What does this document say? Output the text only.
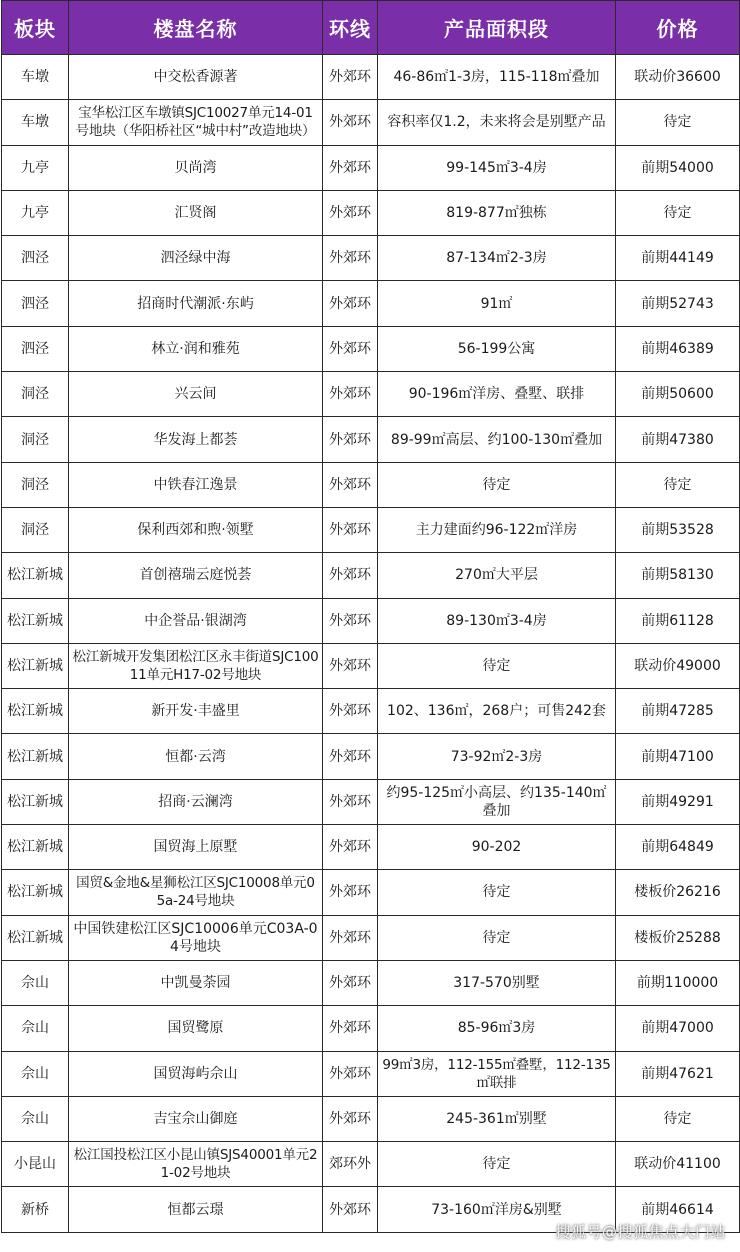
板块	楼盘名称	环线	产品面积段	价格
车墩	中交松香源著	外郊环	46-86㎡1-3房，115-118㎡叠加	联动价36600
车墩	宝华松江区车墩镇SJC10027单元14-01号地块（华阳桥社区“城中村”改造地块）	外郊环	容积率仅1.2，未来将会是别墅产品	待定
九亭	贝尚湾	外郊环	99-145㎡3-4房	前期54000
九亭	汇贤阁	外郊环	819-877㎡独栋	待定
泗泾	泗泾绿中海	外郊环	87-134㎡2-3房	前期44149
泗泾	招商时代潮派·东屿	外郊环	91㎡	前期52743
泗泾	林立·润和雅苑	外郊环	56-199公寓	前期46389
洞泾	兴云间	外郊环	90-196㎡洋房、叠墅、联排	前期50600
洞泾	华发海上都荟	外郊环	89-99㎡高层、约100-130㎡叠加	前期47380
洞泾	中铁春江逸景	外郊环	待定	待定
洞泾	保利西郊和煦·领墅	外郊环	主力建面约96-122㎡洋房	前期53528
松江新城	首创禧瑞云庭悦荟	外郊环	270㎡大平层	前期58130
松江新城	中企誉品·银湖湾	外郊环	89-130㎡3-4房	前期61128
松江新城	松江新城开发集团松江区永丰街道SJC10011单元H17-02号地块	外郊环	待定	联动价49000
松江新城	新开发·丰盛里	外郊环	102、136㎡，268户；可售242套	前期47285
松江新城	恒都·云湾	外郊环	73-92㎡2-3房	前期47100
松江新城	招商·云澜湾	外郊环	约95-125㎡小高层、约135-140㎡叠加	前期49291
松江新城	国贸海上原墅	外郊环	90-202	前期64849
松江新城	国贸&金地&星狮松江区SJC10008单元05a-24号地块	外郊环	待定	楼板价26216
松江新城	中国铁建松江区SJC10006单元C03A-04号地块	外郊环	待定	楼板价25288
佘山	中凯曼荼园	外郊环	317-570别墅	前期110000
佘山	国贸鹭原	外郊环	85-96㎡3房	前期47000
佘山	国贸海屿佘山	外郊环	99㎡3房，112-155㎡叠墅，112-135㎡联排	前期47621
佘山	吉宝佘山御庭	外郊环	245-361㎡别墅	待定
小昆山	松江国投松江区小昆山镇SJS40001单元21-02号地块	郊环外	待定	联动价41100
新桥	恒都云璟	外郊环	73-160㎡洋房&别墅	前期46614
搜狐号@搜狐焦点大门站
